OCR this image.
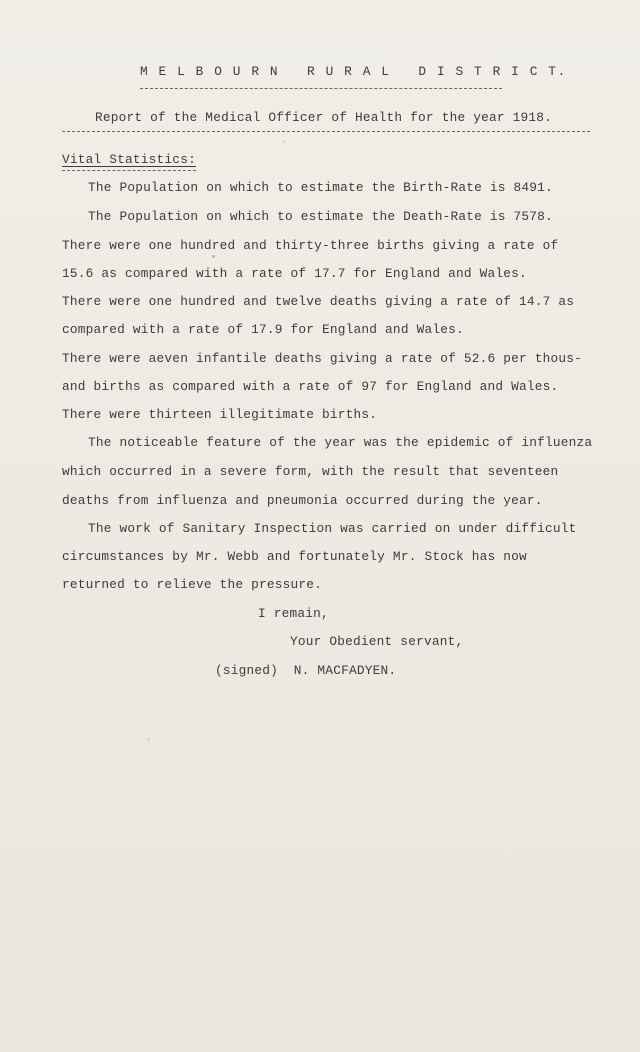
M E L B O U R N   R U R A L   D I S T R I C T.
Report of the Medical Officer of Health for the year 1918.
Vital Statistics:
The Population on which to estimate the Birth-Rate is 8491.
The Population on which to estimate the Death-Rate is 7578.
There were one hundred and thirty-three births giving a rate of
15.6 as compared with a rate of 17.7 for England and Wales.
There were one hundred and twelve deaths giving a rate of 14.7 as
compared with a rate of 17.9 for England and Wales.
There were aeven infantile deaths giving a rate of 52.6 per thous-
and births as compared with a rate of 97 for England and Wales.
There were thirteen illegitimate births.
The noticeable feature of the year was the epidemic of influenza
which occurred in a severe form, with the result that seventeen
deaths from influenza and pneumonia occurred during the year.
The work of Sanitary Inspection was carried on under difficult
circumstances by Mr. Webb and fortunately Mr. Stock has now
returned to relieve the pressure.
I remain,
Your Obedient servant,
(signed)  N. MACFADYEN.
